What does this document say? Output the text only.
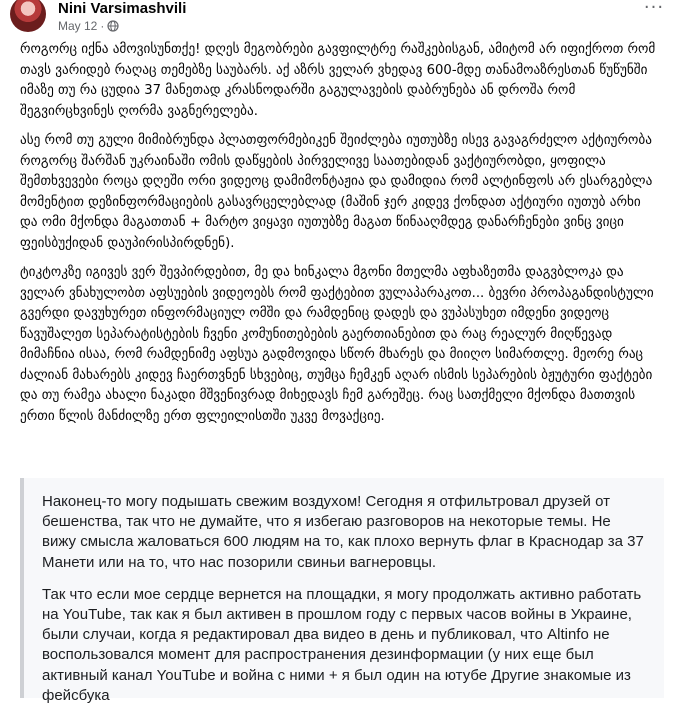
Nini Varsimashvili
May 12 ·
···

როგორც იქნა ამოვისუნთქე! დღეს მეგობრები გავფილტრე რაშკების​გან, ამიტომ არ იფიქროთ რომ თავს ვარიდებ რაღაც თემებზე საუბარს. აქ აზრს ველარ ვხედავ 600-მდე თანამოაზრესთან წუწუნში იმაზე თუ რა ცუდია 37 მანეთად კრასნოდარში გაგულავების დაბრუნება ან დროშა რომ შეგვირცხვინეს ღორმა ვაგნერელება.

ასე რომ თუ გული მიმიბრუნდა პლათფორმებიკენ შეიძლება იუთუბზე ისევ გავაგრძელო აქტიურობა როგორც შარშან უკრაინაში ომის დაწყების პირველივე საათებიდან ვაქტიურობდი, ყოფილა შემთხვევები როცა დღეში ორი ვიდეოც დამიმონტაჟია და დამიდია რომ ალტინფოს არ ესარგებლა მომენტით დეზინფორმაციების გასავრცელებლად (მაშინ ჯერ კიდევ ქონდათ აქტიური იუთუბ არხი და ომი მქონდა მაგათთან + მარტო ვიყავი იუთუბზე მაგათ წინააღმდეგ დანარჩენები ვინც ვიცი ფეისბუქიდან დაუპირისპირდნენ).

ტიკტოკზე იგივეს ვერ შევპირდებით, მე და ხინკალა მგონი მთელმა აფხაზეთმა დაგვბლოკა და ველარ ვნახულობთ აფსუების ვიდეოებს რომ ფაქტებით ვულაპარაკოთ... ბევრი პროპაგანდისტული გვერდი დავუხურეთ ინფორმაციულ ომში და რამდენიც დადეს და ვუპასუხეთ იმდენი ვიდეოც წავუშალეთ სეპარატისტების ჩვენი კომუნითებების გაერთიანებით და რაც რეალურ მიღწევად მიმაჩნია ისაა, რომ რამდენიმე აფსუა გადმოვიდა სწორ მხარეს და მიიღო სიმართლე. მეორე რაც ძალიან მახარებს კიდევ ჩაერთვნენ სხვებიც, თუმცა ჩემკენ აღარ ისმის სეპარების ბჟუტური ფაქტები და თუ რამეა ახალი ნაკადი მშვენივრად მიხედავს ჩემ გარეშეც. რაც სათქმელი მქონდა მათთვის ერთი წლის მანძილზე ერთ ფლეილისთში უკვე მოვაქციე.

Наконец-то могу подышать свежим воздухом! Сегодня я отфильтровал друзей от бешенства, так что не думайте, что я избегаю разговоров на некоторые темы. Не вижу смысла жаловаться 600 людям на то, как плохо вернуть флаг в Краснодар за 37 Манети или на то, что нас позорили свиньи вагнеровцы.

Так что если мое сердце вернется на площадки, я могу продолжать активно работать на YouTube, так как я был активен в прошлом году с первых часов войны в Украине, были случаи, когда я редактировал два видео в день и публиковал, что Altinfo не воспользовался момент для распространения дезинформации (у них еще был активный канал YouTube и война с ними + я был один на ютубе Другие знакомые из фейсбука
